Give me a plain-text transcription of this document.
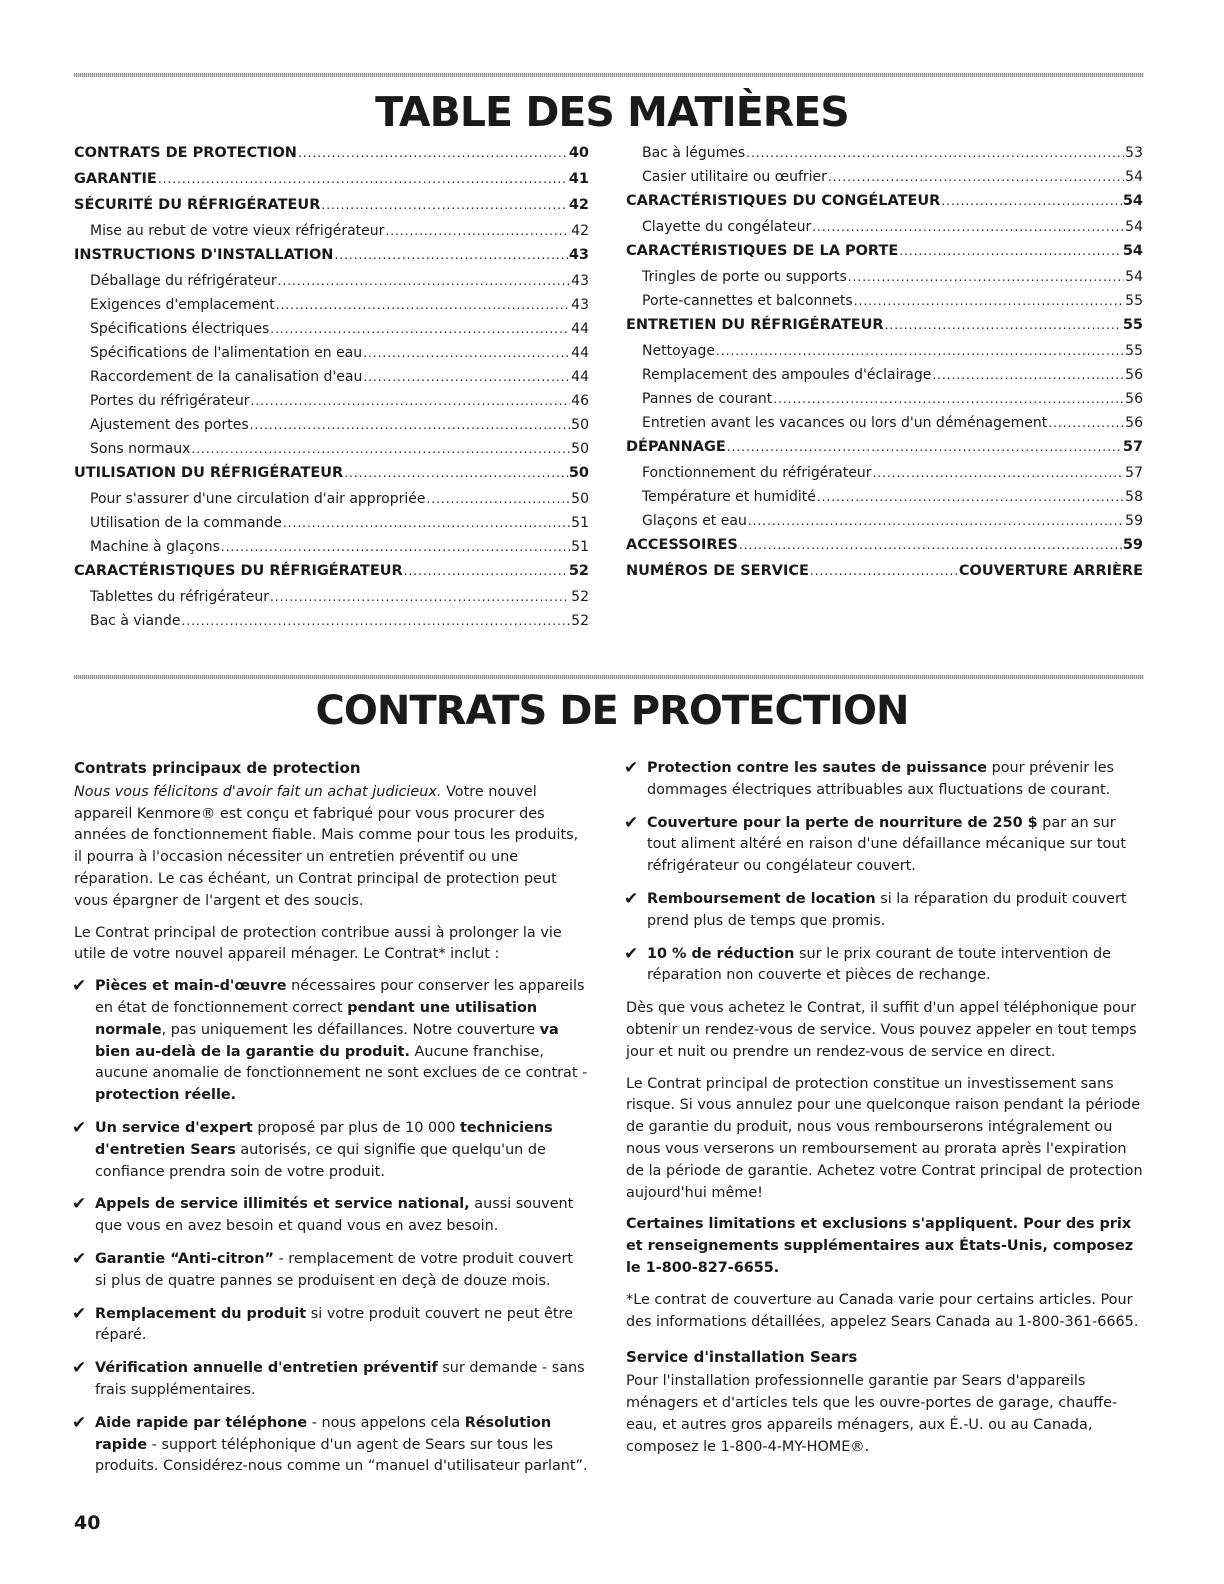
TABLE DES MATIÈRES
CONTRATS DE PROTECTION .....	40
GARANTIE .....	41
SÉCURITÉ DU RÉFRIGÉRATEUR .....	42
Mise au rebut de votre vieux réfrigérateur .....	42
INSTRUCTIONS D'INSTALLATION .....	43
Déballage du réfrigérateur .....	43
Exigences d'emplacement .....	43
Spécifications électriques .....	44
Spécifications de l'alimentation en eau .....	44
Raccordement de la canalisation d'eau .....	44
Portes du réfrigérateur .....	46
Ajustement des portes .....	50
Sons normaux .....	50
UTILISATION DU RÉFRIGÉRATEUR .....	50
Pour s'assurer d'une circulation d'air appropriée .....	50
Utilisation de la commande .....	51
Machine à glaçons .....	51
CARACTÉRISTIQUES DU RÉFRIGÉRATEUR .....	52
Tablettes du réfrigérateur .....	52
Bac à viande .....	52
Bac à légumes .....	53
Casier utilitaire ou œufrier .....	54
CARACTÉRISTIQUES DU CONGÉLATEUR .....	54
Clayette du congélateur .....	54
CARACTÉRISTIQUES DE LA PORTE .....	54
Tringles de porte ou supports .....	54
Porte-cannettes et balconnets .....	55
ENTRETIEN DU RÉFRIGÉRATEUR .....	55
Nettoyage .....	55
Remplacement des ampoules d'éclairage .....	56
Pannes de courant .....	56
Entretien avant les vacances ou lors d'un déménagement .....	56
DÉPANNAGE .....	57
Fonctionnement du réfrigérateur .....	57
Température et humidité .....	58
Glaçons et eau .....	59
ACCESSOIRES .....	59
NUMÉROS DE SERVICE .....	COUVERTURE ARRIÈRE
CONTRATS DE PROTECTION

Contrats principaux de protection

Nous vous félicitons d'avoir fait un achat judicieux. Votre nouvel appareil Kenmore® est conçu et fabriqué pour vous procurer des années de fonctionnement fiable. Mais comme pour tous les produits, il pourra à l'occasion nécessiter un entretien préventif ou une réparation. Le cas échéant, un Contrat principal de protection peut vous épargner de l'argent et des soucis.

Le Contrat principal de protection contribue aussi à prolonger la vie utile de votre nouvel appareil ménager. Le Contrat* inclut :

✔ Pièces et main-d'œuvre nécessaires pour conserver les appareils en état de fonctionnement correct pendant une utilisation normale, pas uniquement les défaillances. Notre couverture va bien au-delà de la garantie du produit. Aucune franchise, aucune anomalie de fonctionnement ne sont exclues de ce contrat - protection réelle.
✔ Un service d'expert proposé par plus de 10 000 techniciens d'entretien Sears autorisés, ce qui signifie que quelqu'un de confiance prendra soin de votre produit.
✔ Appels de service illimités et service national, aussi souvent que vous en avez besoin et quand vous en avez besoin.
✔ Garantie “Anti-citron” - remplacement de votre produit couvert si plus de quatre pannes se produisent en deçà de douze mois.
✔ Remplacement du produit si votre produit couvert ne peut être réparé.
✔ Vérification annuelle d'entretien préventif sur demande - sans frais supplémentaires.
✔ Aide rapide par téléphone - nous appelons cela Résolution rapide - support téléphonique d'un agent de Sears sur tous les produits. Considérez-nous comme un “manuel d'utilisateur parlant”.
✔ Protection contre les sautes de puissance pour prévenir les dommages électriques attribuables aux fluctuations de courant.
✔ Couverture pour la perte de nourriture de 250 $ par an sur tout aliment altéré en raison d'une défaillance mécanique sur tout réfrigérateur ou congélateur couvert.
✔ Remboursement de location si la réparation du produit couvert prend plus de temps que promis.
✔ 10 % de réduction sur le prix courant de toute intervention de réparation non couverte et pièces de rechange.

Dès que vous achetez le Contrat, il suffit d'un appel téléphonique pour obtenir un rendez-vous de service. Vous pouvez appeler en tout temps jour et nuit ou prendre un rendez-vous de service en direct.

Le Contrat principal de protection constitue un investissement sans risque. Si vous annulez pour une quelconque raison pendant la période de garantie du produit, nous vous rembourserons intégralement ou nous vous verserons un remboursement au prorata après l'expiration de la période de garantie. Achetez votre Contrat principal de protection aujourd'hui même!

Certaines limitations et exclusions s'appliquent. Pour des prix et renseignements supplémentaires aux États-Unis, composez le 1-800-827-6655.

*Le contrat de couverture au Canada varie pour certains articles. Pour des informations détaillées, appelez Sears Canada au 1-800-361-6665.

Service d'installation Sears

Pour l'installation professionnelle garantie par Sears d'appareils ménagers et d'articles tels que les ouvre-portes de garage, chauffe-eau, et autres gros appareils ménagers, aux É.-U. ou au Canada, composez le 1-800-4-MY-HOME®.

40
